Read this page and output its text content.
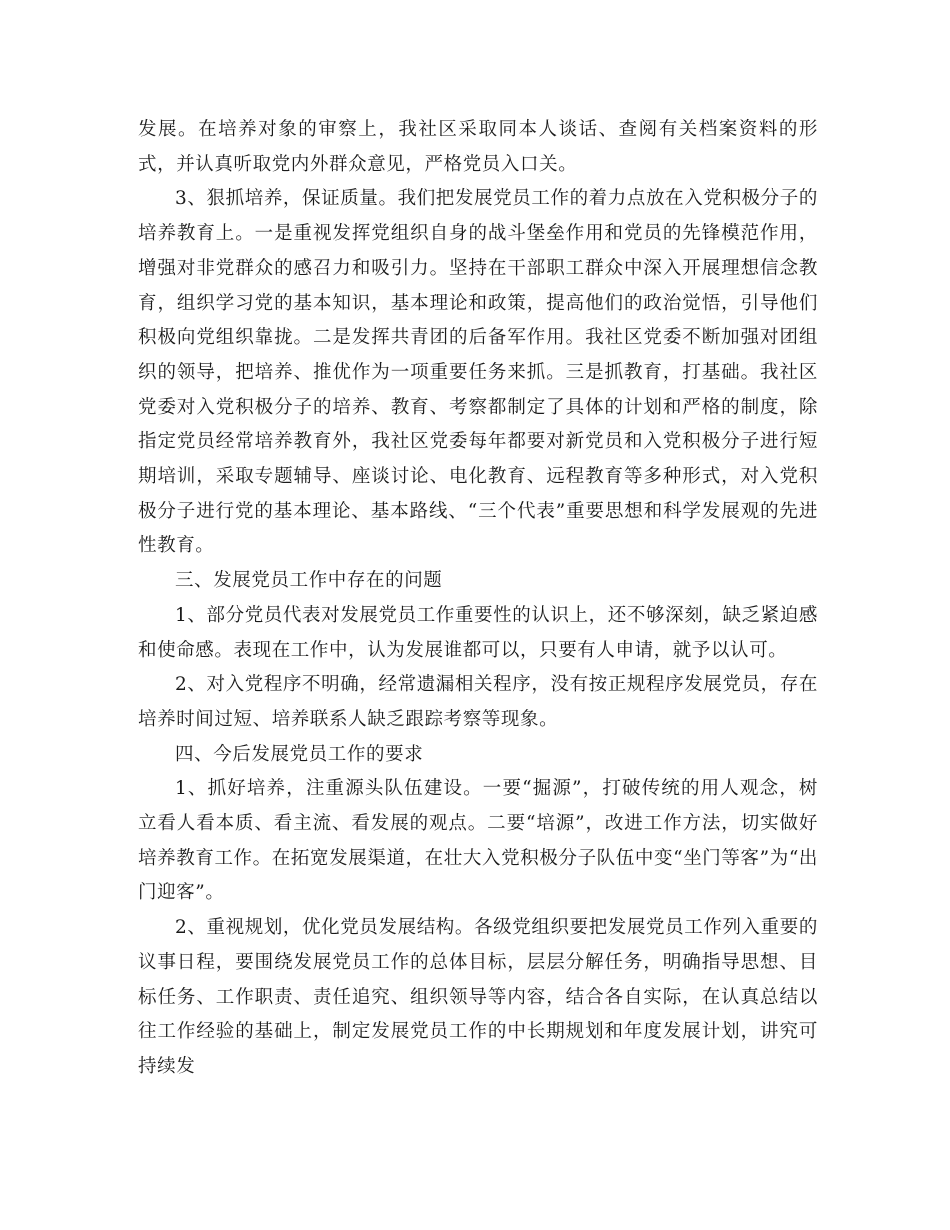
发展。在培养对象的审察上，我社区采取同本人谈话、查阅有关档案资料的形式，并认真听取党内外群众意见，严格党员入口关。

3、狠抓培养，保证质量。我们把发展党员工作的着力点放在入党积极分子的培养教育上。一是重视发挥党组织自身的战斗堡垒作用和党员的先锋模范作用，增强对非党群众的感召力和吸引力。坚持在干部职工群众中深入开展理想信念教育，组织学习党的基本知识，基本理论和政策，提高他们的政治觉悟，引导他们积极向党组织靠拢。二是发挥共青团的后备军作用。我社区党委不断加强对团组织的领导，把培养、推优作为一项重要任务来抓。三是抓教育，打基础。我社区党委对入党积极分子的培养、教育、考察都制定了具体的计划和严格的制度，除指定党员经常培养教育外，我社区党委每年都要对新党员和入党积极分子进行短期培训，采取专题辅导、座谈讨论、电化教育、远程教育等多种形式，对入党积极分子进行党的基本理论、基本路线、“三个代表”重要思想和科学发展观的先进性教育。

三、发展党员工作中存在的问题

1、部分党员代表对发展党员工作重要性的认识上，还不够深刻，缺乏紧迫感和使命感。表现在工作中，认为发展谁都可以，只要有人申请，就予以认可。

2、对入党程序不明确，经常遗漏相关程序，没有按正规程序发展党员，存在培养时间过短、培养联系人缺乏跟踪考察等现象。

四、今后发展党员工作的要求

1、抓好培养，注重源头队伍建设。一要“掘源”，打破传统的用人观念，树立看人看本质、看主流、看发展的观点。二要“培源”，改进工作方法，切实做好培养教育工作。在拓宽发展渠道，在壮大入党积极分子队伍中变“坐门等客”为“出门迎客”。

2、重视规划，优化党员发展结构。各级党组织要把发展党员工作列入重要的议事日程，要围绕发展党员工作的总体目标，层层分解任务，明确指导思想、目标任务、工作职责、责任追究、组织领导等内容，结合各自实际，在认真总结以往工作经验的基础上，制定发展党员工作的中长期规划和年度发展计划，讲究可持续发
